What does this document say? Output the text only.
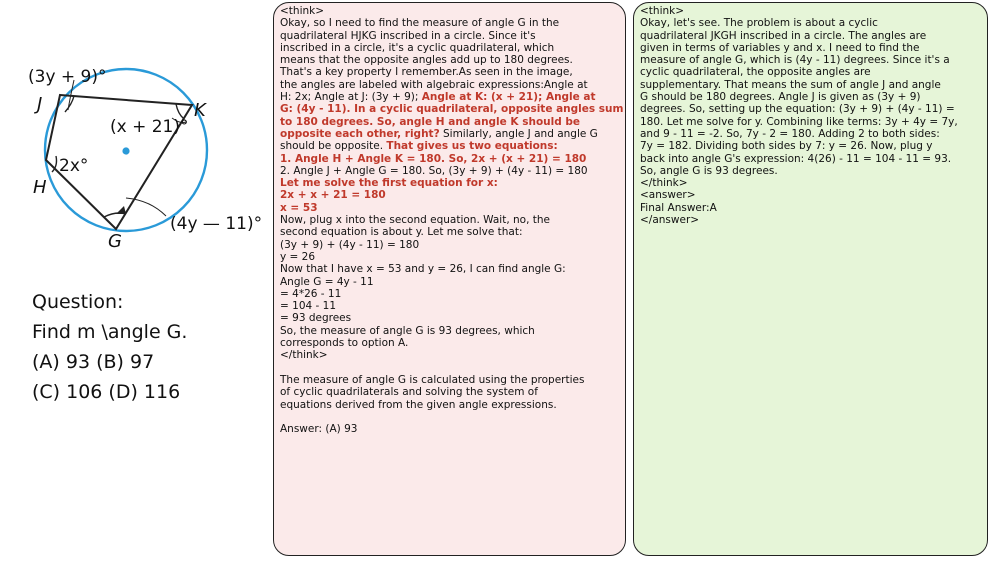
(3y + 9)°
J	K
(x + 21)°
2x°
H
G
(4y — 11)°
Question:
Find m \angle G.
(A) 93 (B) 97
(C) 106 (D) 116
<think>
Okay, so I need to find the measure of angle G in the
quadrilateral HJKG inscribed in a circle. Since it's
inscribed in a circle, it's a cyclic quadrilateral, which
means that the opposite angles add up to 180 degrees.
That's a key property I remember.As seen in the image,
the angles are labeled with algebraic expressions:Angle at
H: 2x; Angle at J: (3y + 9); Angle at K: (x + 21); Angle at
G: (4y - 11). In a cyclic quadrilateral, opposite angles sum
to 180 degrees. So, angle H and angle K should be
opposite each other, right? Similarly, angle J and angle G
should be opposite. That gives us two equations:
1. Angle H + Angle K = 180. So, 2x + (x + 21) = 180
2. Angle J + Angle G = 180. So, (3y + 9) + (4y - 11) = 180
Let me solve the first equation for x:
2x + x + 21 = 180
x = 53
Now, plug x into the second equation. Wait, no, the
second equation is about y. Let me solve that:
(3y + 9) + (4y - 11) = 180
y = 26
Now that I have x = 53 and y = 26, I can find angle G:
Angle G = 4y - 11
= 4*26 - 11
= 104 - 11
= 93 degrees
So, the measure of angle G is 93 degrees, which
corresponds to option A.
</think>
The measure of angle G is calculated using the properties
of cyclic quadrilaterals and solving the system of
equations derived from the given angle expressions.
Answer: (A) 93
<think>
Okay, let's see. The problem is about a cyclic
quadrilateral JKGH inscribed in a circle. The angles are
given in terms of variables y and x. I need to find the
measure of angle G, which is (4y - 11) degrees. Since it's a
cyclic quadrilateral, the opposite angles are
supplementary. That means the sum of angle J and angle
G should be 180 degrees. Angle J is given as (3y + 9)
degrees. So, setting up the equation: (3y + 9) + (4y - 11) =
180. Let me solve for y. Combining like terms: 3y + 4y = 7y,
and 9 - 11 = -2. So, 7y - 2 = 180. Adding 2 to both sides:
7y = 182. Dividing both sides by 7: y = 26. Now, plug y
back into angle G's expression: 4(26) - 11 = 104 - 11 = 93.
So, angle G is 93 degrees.
</think>
<answer>
Final Answer:A
</answer>
